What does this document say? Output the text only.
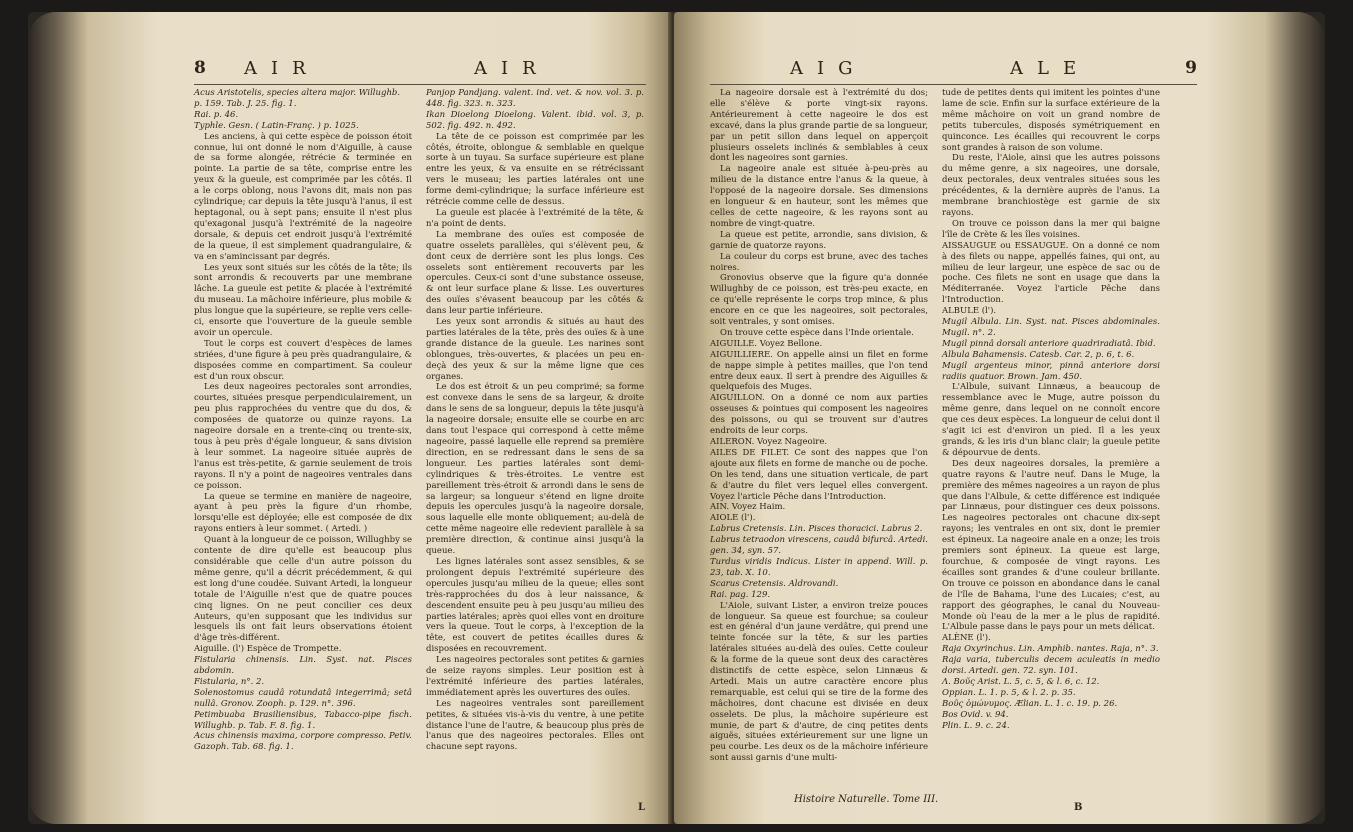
8 AIR	AIR

Acus Aristotelis, species altera major. Willughb.

p. 159. Tab. J. 25. fig. 1.

Rai. p. 46.

Typhle. Gesn. ( Latin-Franç. ) p. 1025.

Les anciens, à qui cette espèce de poisson étoit connue, lui ont donné le nom d'Aiguille, à cause de sa forme alongée, rétrécie & terminée en pointe. La partie de sa tête, comprise entre les yeux & la gueule, est comprimée par les côtés. Il a le corps oblong, nous l'avons dit, mais non pas cylindrique; car depuis la tête jusqu'à l'anus, il est heptagonal, ou à sept pans; ensuite il n'est plus qu'exagonal jusqu'à l'extrémité de la nageoire dorsale, & depuis cet endroit jusqu'à l'extrémité de la queue, il est simplement quadrangulaire, & va en s'amincissant par degrés.

Les yeux sont situés sur les côtés de la tête; ils sont arrondis & recouverts par une membrane lâche. La gueule est petite & placée à l'extrémité du museau. La mâchoire inférieure, plus mobile & plus longue que la supérieure, se replie vers celle-ci, ensorte que l'ouverture de la gueule semble avoir un opercule.

Tout le corps est couvert d'espèces de lames striées, d'une figure à peu près quadrangulaire, & disposées comme en compartiment. Sa couleur est d'un roux obscur.

Les deux nageoires pectorales sont arrondies, courtes, situées presque perpendiculairement, un peu plus rapprochées du ventre que du dos, & composées de quatorze ou quinze rayons. La nageoire dorsale en a trente-cinq ou trente-six, tous à peu près d'égale longueur, & sans division à leur sommet. La nageoire située auprès de l'anus est très-petite, & garnie seulement de trois rayons. Il n'y a point de nageoires ventrales dans ce poisson.

La queue se termine en manière de nageoire, ayant à peu près la figure d'un rhombe, lorsqu'elle est déployée; elle est composée de dix rayons entiers à leur sommet. ( Artedi. )

Quant à la longueur de ce poisson, Willughby se contente de dire qu'elle est beaucoup plus considérable que celle d'un autre poisson du même genre, qu'il a décrit précédemment, & qui est long d'une coudée. Suivant Artedi, la longueur totale de l'Aiguille n'est que de quatre pouces cinq lignes. On ne peut concilier ces deux Auteurs, qu'en supposant que les individus sur lesquels ils ont fait leurs observations étoient d'âge très-différent.

Aiguille. (l') Espèce de Trompette.

Fistularia chinensis. Lin. Syst. nat. Pisces abdomin.

Fistularia, n°. 2.

Solenostomus caudâ rotundatâ integerrimâ; setâ nullâ. Gronov. Zooph. p. 129. n°. 396.

Petimbuaba Brasiliensibus, Tabacco-pipe fisch. Willughb. p. Tab. F. 8. fig. 1.

Acus chinensis maxima, corpore compresso. Petiv. Gazoph. Tab. 68. fig. 1.

Panjop Pandjang. valent. ind. vet. & nov. vol. 3. p. 448. fig. 323. n. 323.

Ikan Dioelong Dioelong. Valent. ibid. vol. 3, p. 502. fig. 492. n. 492.

La tête de ce poisson est comprimée par les côtés, étroite, oblongue & semblable en quelque sorte à un tuyau. Sa surface supérieure est plane entre les yeux, & va ensuite en se rétrécissant vers le museau; les parties latérales ont une forme demi-cylindrique; la surface inférieure est rétrécie comme celle de dessus.

La gueule est placée à l'extrémité de la tête, & n'a point de dents.

La membrane des ouïes est composée de quatre osselets parallèles, qui s'élèvent peu, & dont ceux de derrière sont les plus longs. Ces osselets sont entièrement recouverts par les opercules. Ceux-ci sont d'une substance osseuse, & ont leur surface plane & lisse. Les ouvertures des ouïes s'évasent beaucoup par les côtés & dans leur partie inférieure.

Les yeux sont arrondis & situés au haut des parties latérales de la tête, près des ouïes & à une grande distance de la gueule. Les narines sont oblongues, très-ouvertes, & placées un peu en-deçà des yeux & sur la même ligne que ces organes.

Le dos est étroit & un peu comprimé; sa forme est convexe dans le sens de sa largeur, & droite dans le sens de sa longueur, depuis la tête jusqu'à la nageoire dorsale; ensuite elle se courbe en arc dans tout l'espace qui correspond à cette même nageoire, passé laquelle elle reprend sa première direction, en se redressant dans le sens de sa longueur. Les parties latérales sont demi-cylindriques & très-étroites. Le ventre est pareillement très-étroit & arrondi dans le sens de sa largeur; sa longueur s'étend en ligne droite depuis les opercules jusqu'à la nageoire dorsale, sous laquelle elle monte obliquement; au-delà de cette même nageoire elle redevient parallèle à sa première direction, & continue ainsi jusqu'à la queue.

Les lignes latérales sont assez sensibles, & se prolongent depuis l'extrémité supérieure des opercules jusqu'au milieu de la queue; elles sont très-rapprochées du dos à leur naissance, & descendent ensuite peu à peu jusqu'au milieu des parties latérales; après quoi elles vont en droiture vers la queue. Tout le corps, à l'exception de la tête, est couvert de petites écailles dures & disposées en recouvrement.

Les nageoires pectorales sont petites & garnies de seize rayons simples. Leur position est à l'extrémité inférieure des parties latérales, immédiatement après les ouvertures des ouïes.

Les nageoires ventrales sont pareillement petites, & situées vis-à-vis du ventre, à une petite distance l'une de l'autre, & beaucoup plus près de l'anus que des nageoires pectorales. Elles ont chacune sept rayons.

L
AIG	ALE	9

La nageoire dorsale est à l'extrémité du dos; elle s'élève & porte vingt-six rayons. Antérieurement à cette nageoire le dos est excavé, dans la plus grande partie de sa longueur, par un petit sillon dans lequel on apperçoit plusieurs osselets inclinés & semblables à ceux dont les nageoires sont garnies.

La nageoire anale est située à-peu-près au milieu de la distance entre l'anus & la queue, à l'opposé de la nageoire dorsale. Ses dimensions en longueur & en hauteur, sont les mêmes que celles de cette nageoire, & les rayons sont au nombre de vingt-quatre.

La queue est petite, arrondie, sans division, & garnie de quatorze rayons.

La couleur du corps est brune, avec des taches noires.

Gronovius observe que la figure qu'a donnée Willughby de ce poisson, est très-peu exacte, en ce qu'elle représente le corps trop mince, & plus encore en ce que les nageoires, soit pectorales, soit ventrales, y sont omises.

On trouve cette espèce dans l'Inde orientale.

AIGUILLE. Voyez Bellone.

AIGUILLIERE. On appelle ainsi un filet en forme de nappe simple à petites mailles, que l'on tend entre deux eaux. Il sert à prendre des Aiguilles & quelquefois des Muges.

AIGUILLON. On a donné ce nom aux parties osseuses & pointues qui composent les nageoires des poissons, ou qui se trouvent sur d'autres endroits de leur corps.

AILERON. Voyez Nageoire.

AILES DE FILET. Ce sont des nappes que l'on ajoute aux filets en forme de manche ou de poche. On les tend, dans une situation verticale, de part & d'autre du filet vers lequel elles convergent. Voyez l'article Pêche dans l'Introduction.

AIN. Voyez Haim.

AIOLE (l').

Labrus Cretensis. Lin. Pisces thoracici. Labrus 2.

Labrus tetraodon virescens, caudâ bifurcâ. Artedi. gen. 34, syn. 57.

Turdus viridis Indicus. Lister in append. Will. p. 23, tab. X. 10.

Scarus Cretensis. Aldrovandi.

Rai. pag. 129.

L'Aiole, suivant Lister, a environ treize pouces de longueur. Sa queue est fourchue; sa couleur est en général d'un jaune verdâtre, qui prend une teinte foncée sur la tête, & sur les parties latérales situées au-delà des ouïes. Cette couleur & la forme de la queue sont deux des caractères distinctifs de cette espèce, selon Linnæus & Artedi. Mais un autre caractère encore plus remarquable, est celui qui se tire de la forme des mâchoires, dont chacune est divisée en deux osselets. De plus, la mâchoire supérieure est munie, de part & d'autre, de cinq petites dents aiguës, situées extérieurement sur une ligne un peu courbe. Les deux os de la mâchoire inférieure sont aussi garnis d'une multi-

tude de petites dents qui imitent les pointes d'une lame de scie. Enfin sur la surface extérieure de la même mâchoire on voit un grand nombre de petits tubercules, disposés symétriquement en quinconce. Les écailles qui recouvrent le corps sont grandes à raison de son volume.

Du reste, l'Aiole, ainsi que les autres poissons du même genre, a six nageoires, une dorsale, deux pectorales, deux ventrales situées sous les précédentes, & la dernière auprès de l'anus. La membrane branchiostège est garnie de six rayons.

On trouve ce poisson dans la mer qui baigne l'île de Crète & les îles voisines.

AISSAUGUE ou ESSAUGUE. On a donné ce nom à des filets ou nappe, appellés faines, qui ont, au milieu de leur largeur, une espèce de sac ou de poche. Ces filets ne sont en usage que dans la Méditerranée. Voyez l'article Pêche dans l'Introduction.

ALBULE (l').

Mugil Albula. Lin. Syst. nat. Pisces abdominales. Mugil. n°. 2.

Mugil pinnâ dorsali anteriore quadriradiatâ. Ibid.

Albula Bahamensis. Catesb. Car. 2, p. 6, t. 6.

Mugil argenteus minor, pinnâ anteriore dorsi radiis quatuor. Brown. Jam. 450.

L'Albule, suivant Linnæus, a beaucoup de ressemblance avec le Muge, autre poisson du même genre, dans lequel on ne connoît encore que ces deux espèces. La longueur de celui dont il s'agit ici est d'environ un pied. Il a les yeux grands, & les iris d'un blanc clair; la gueule petite & dépourvue de dents.

Des deux nageoires dorsales, la première a quatre rayons & l'autre neuf. Dans le Muge, la première des mêmes nageoires a un rayon de plus que dans l'Albule, & cette différence est indiquée par Linnæus, pour distinguer ces deux poissons. Les nageoires pectorales ont chacune dix-sept rayons; les ventrales en ont six, dont le premier est épineux. La nageoire anale en a onze; les trois premiers sont épineux. La queue est large, fourchue, & composée de vingt rayons. Les écailles sont grandes & d'une couleur brillante. On trouve ce poisson en abondance dans le canal de l'île de Bahama, l'une des Lucaies; c'est, au rapport des géographes, le canal du Nouveau-Monde où l'eau de la mer a le plus de rapidité. L'Albule passe dans le pays pour un mets délicat.

ALÈNE (l').

Raja Oxyrinchus. Lin. Amphib. nantes. Raja, n°. 3.

Raja varia, tuberculis decem aculeatis in medio dorsi. Artedi. gen. 72. syn. 101.

Λ. Βοῦς Arist. L. 5, c. 5, & l. 6, c. 12.

Oppian. L. 1. p. 5, & l. 2. p. 35.

Βοῦς ὁμώνυμος. Ælian. L. 1. c. 19. p. 26.

Bos Ovid. v. 94.

Plin. L. 9. c. 24.

Histoire Naturelle. Tome III.
B
